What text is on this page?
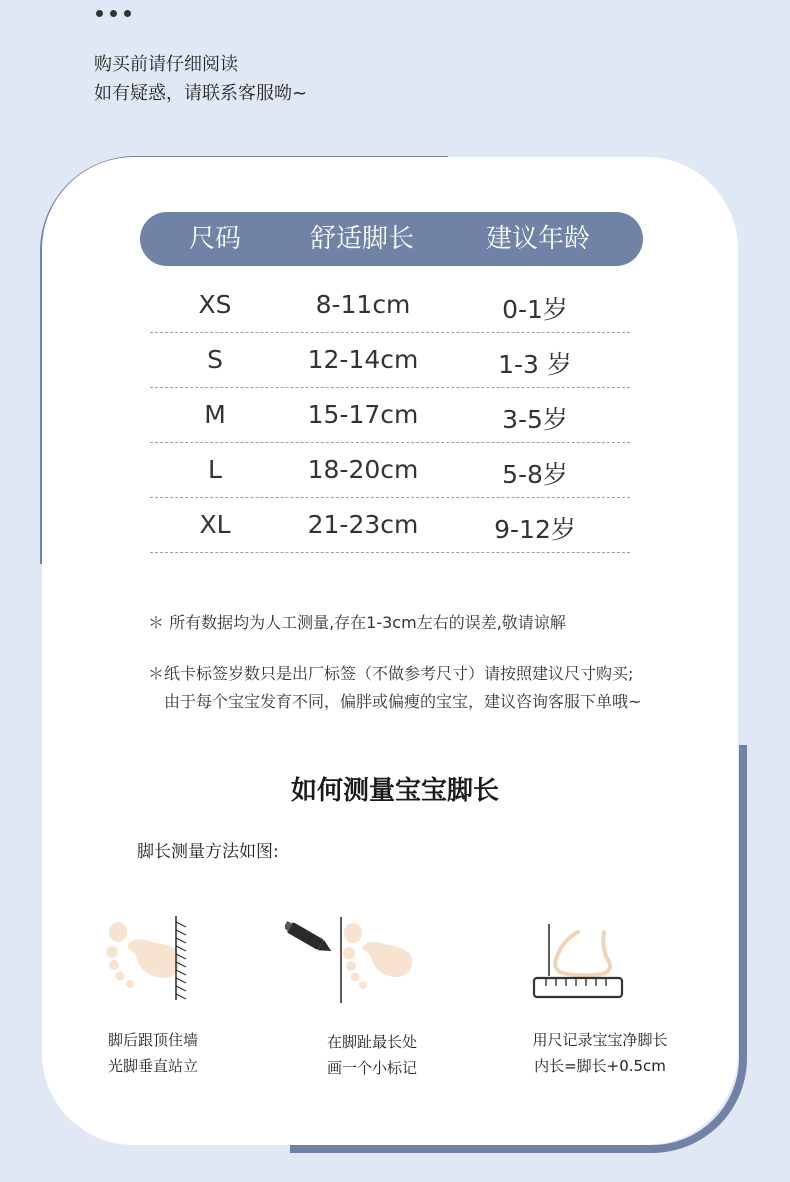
购买前请仔细阅读
如有疑惑，请联系客服呦~
尺码	舒适脚长	建议年龄
XS	8-11cm	0-1岁
S	12-14cm	1-3 岁
M	15-17cm	3-5岁
L	18-20cm	5-8岁
XL	21-23cm	9-12岁
＊ 所有数据均为人工测量,存在1-3cm左右的误差,敬请谅解
＊纸卡标签岁数只是出厂标签（不做参考尺寸）请按照建议尺寸购买;
由于每个宝宝发育不同，偏胖或偏瘦的宝宝，建议咨询客服下单哦~
如何测量宝宝脚长
脚长测量方法如图:
脚后跟顶住墙
光脚垂直站立
在脚趾最长处
画一个小标记
用尺记录宝宝净脚长
内长=脚长+0.5cm
